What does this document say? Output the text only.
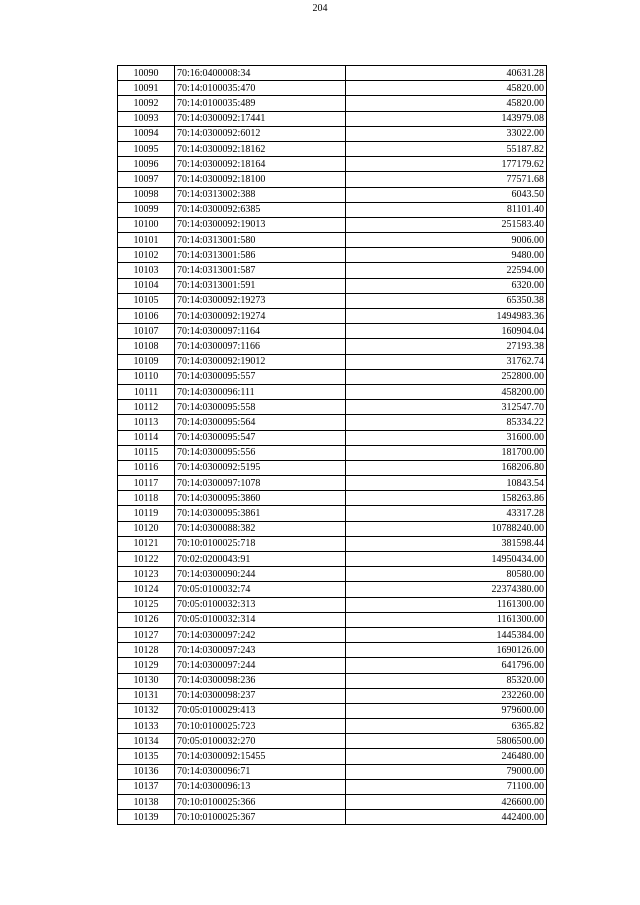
204
10090	70:16:0400008:34	40631.28
10091	70:14:0100035:470	45820.00
10092	70:14:0100035:489	45820.00
10093	70:14:0300092:17441	143979.08
10094	70:14:0300092:6012	33022.00
10095	70:14:0300092:18162	55187.82
10096	70:14:0300092:18164	177179.62
10097	70:14:0300092:18100	77571.68
10098	70:14:0313002:388	6043.50
10099	70:14:0300092:6385	81101.40
10100	70:14:0300092:19013	251583.40
10101	70:14:0313001:580	9006.00
10102	70:14:0313001:586	9480.00
10103	70:14:0313001:587	22594.00
10104	70:14:0313001:591	6320.00
10105	70:14:0300092:19273	65350.38
10106	70:14:0300092:19274	1494983.36
10107	70:14:0300097:1164	160904.04
10108	70:14:0300097:1166	27193.38
10109	70:14:0300092:19012	31762.74
10110	70:14:0300095:557	252800.00
10111	70:14:0300096:111	458200.00
10112	70:14:0300095:558	312547.70
10113	70:14:0300095:564	85334.22
10114	70:14:0300095:547	31600.00
10115	70:14:0300095:556	181700.00
10116	70:14:0300092:5195	168206.80
10117	70:14:0300097:1078	10843.54
10118	70:14:0300095:3860	158263.86
10119	70:14:0300095:3861	43317.28
10120	70:14:0300088:382	10788240.00
10121	70:10:0100025:718	381598.44
10122	70:02:0200043:91	14950434.00
10123	70:14:0300090:244	80580.00
10124	70:05:0100032:74	22374380.00
10125	70:05:0100032:313	1161300.00
10126	70:05:0100032:314	1161300.00
10127	70:14:0300097:242	1445384.00
10128	70:14:0300097:243	1690126.00
10129	70:14:0300097:244	641796.00
10130	70:14:0300098:236	85320.00
10131	70:14:0300098:237	232260.00
10132	70:05:0100029:413	979600.00
10133	70:10:0100025:723	6365.82
10134	70:05:0100032:270	5806500.00
10135	70:14:0300092:15455	246480.00
10136	70:14:0300096:71	79000.00
10137	70:14:0300096:13	71100.00
10138	70:10:0100025:366	426600.00
10139	70:10:0100025:367	442400.00
